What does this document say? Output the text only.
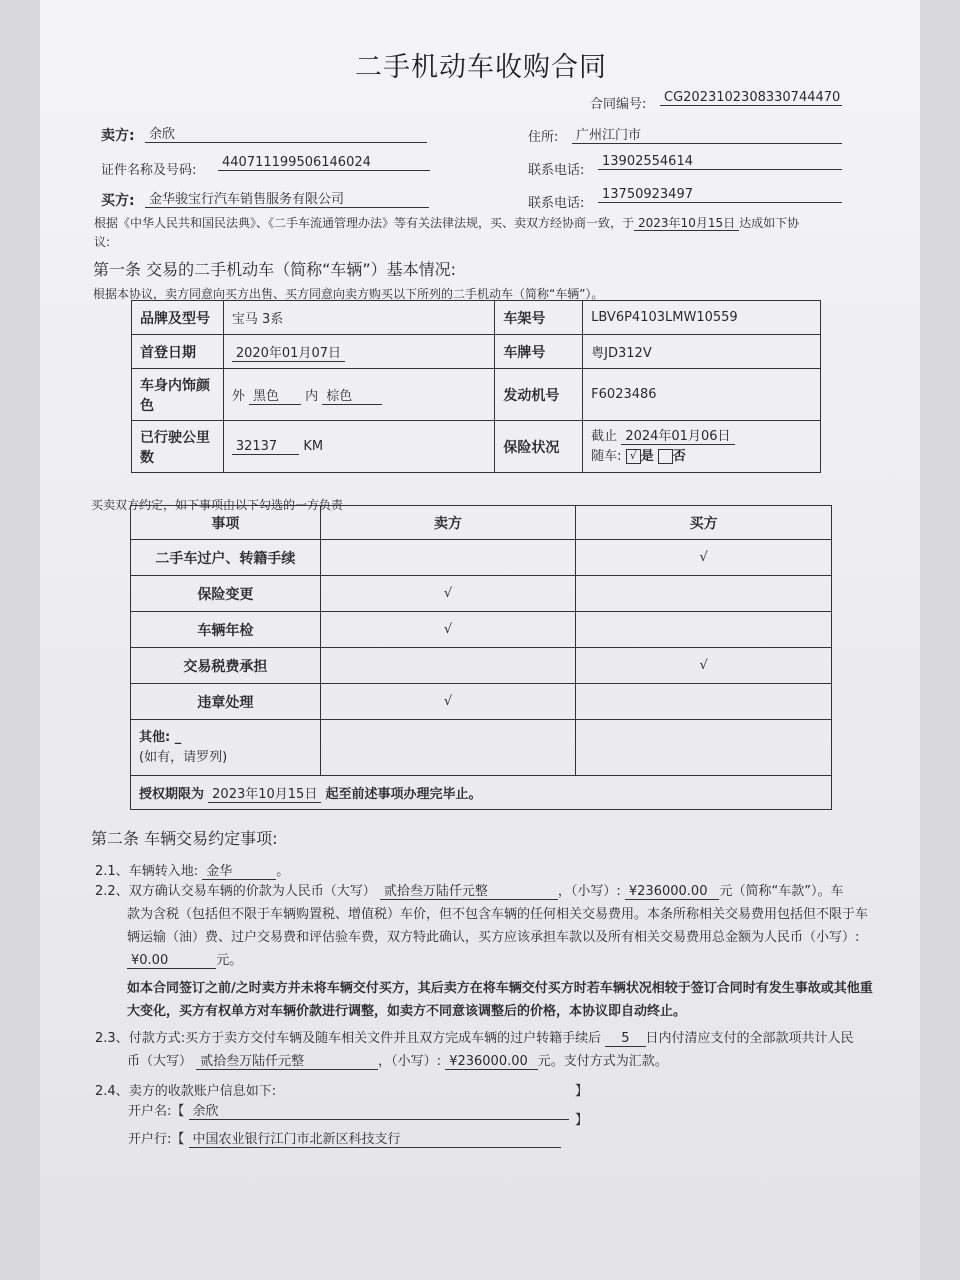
二手机动车收购合同
合同编号:	CG2023102308330744470
卖方:	余欣	住所:	广州江门市
证件名称及号码:
440711199506146024
联系电话:
13902554614
买方:	金华骏宝行汽车销售服务有限公司	联系电话:
13750923497
根据《中华人民共和国民法典》、《二手车流通管理办法》等有关法律法规，买、卖双方经协商一致，于 2023年10月15日 达成如下协
议:
第一条 交易的二手机动车（简称“车辆”）基本情况:
根据本协议，卖方同意向买方出售、买方同意向卖方购买以下所列的二手机动车（简称“车辆”）。
品牌及型号	宝马 3系	车架号	LBV6P4103LMW10559
首登日期	2020年01月07日	车牌号	粤JD312V
车身内饰颜色	外 黑色 内 棕色	发动机号	F6023486
已行驶公里数	32137 KM	保险状况	截止 2024年01月06日
随车: √ 是 否
买卖双方约定，如下事项由以下勾选的一方负责
事项	卖方	买方
二手车过户、转籍手续		√
保险变更	√	
车辆年检	√	
交易税费承担		√
违章处理	√	
其他: _
(如有，请罗列)		
授权期限为 2023年10月15日 起至前述事项办理完毕止。		
第二条 车辆交易约定事项:
2.1、车辆转入地: 金华	。
2.2、双方确认交易车辆的价款为人民币（大写） 贰拾叁万陆仟元整	，（小写）: ¥236000.00 元（简称“车款”）。车
款为含税（包括但不限于车辆购置税、增值税）车价，但不包含车辆的任何相关交易费用。本条所称相关交易费用包括但不限于车
辆运输（油）费、过户交易费和评估验车费，双方特此确认，买方应该承担车款以及所有相关交易费用总金额为人民币（小写）:
¥0.00	元。
如本合同签订之前/之时卖方并未将车辆交付买方，其后卖方在将车辆交付买方时若车辆状况相较于签订合同时有发生事故或其他重
大变化，买方有权单方对车辆价款进行调整，如卖方不同意该调整后的价格，本协议即自动终止。
2.3、付款方式:买方于卖方交付车辆及随车相关文件并且双方完成车辆的过户转籍手续后 5 日内付清应支付的全部款项共计人民
币（大写） 贰拾叁万陆仟元整	，（小写）: ¥236000.00 元。支付方式为汇款。
2.4、卖方的收款账户信息如下:	】
开户名:【 余欣
】
开户行:【 中国农业银行江门市北新区科技支行
